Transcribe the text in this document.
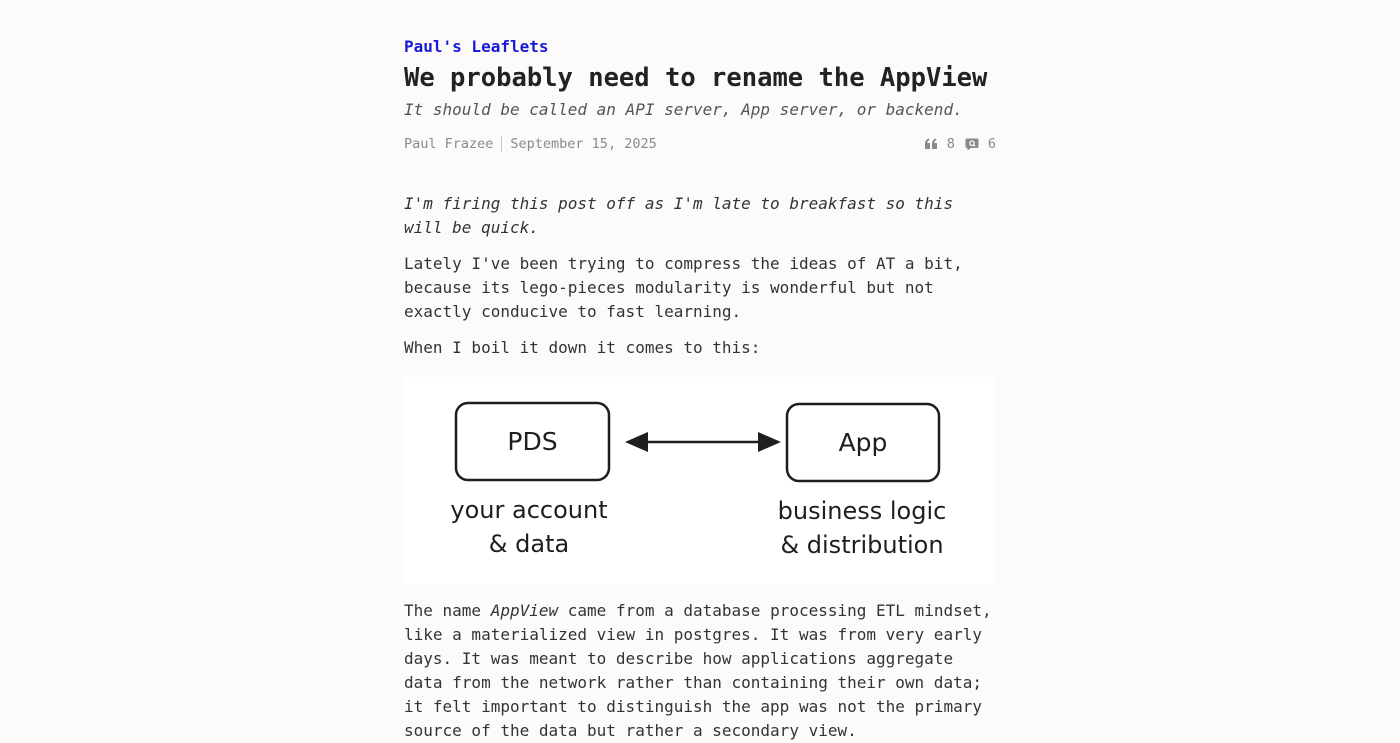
Paul's Leaflets
We probably need to rename the AppView

It should be called an API server, App server, or backend.

Paul Frazee September 15, 2025	8 6

I'm firing this post off as I'm late to breakfast so this will be quick.

Lately I've been trying to compress the ideas of AT a bit, because its lego-pieces modularity is wonderful but not exactly conducive to fast learning.

When I boil it down it comes to this:

PDS	App
your account
& data
business logic
& distribution

The name AppView came from a database processing ETL mindset, like a materialized view in postgres. It was from very early days. It was meant to describe how applications aggregate data from the network rather than containing their own data; it felt important to distinguish the app was not the primary source of the data but rather a secondary view.
